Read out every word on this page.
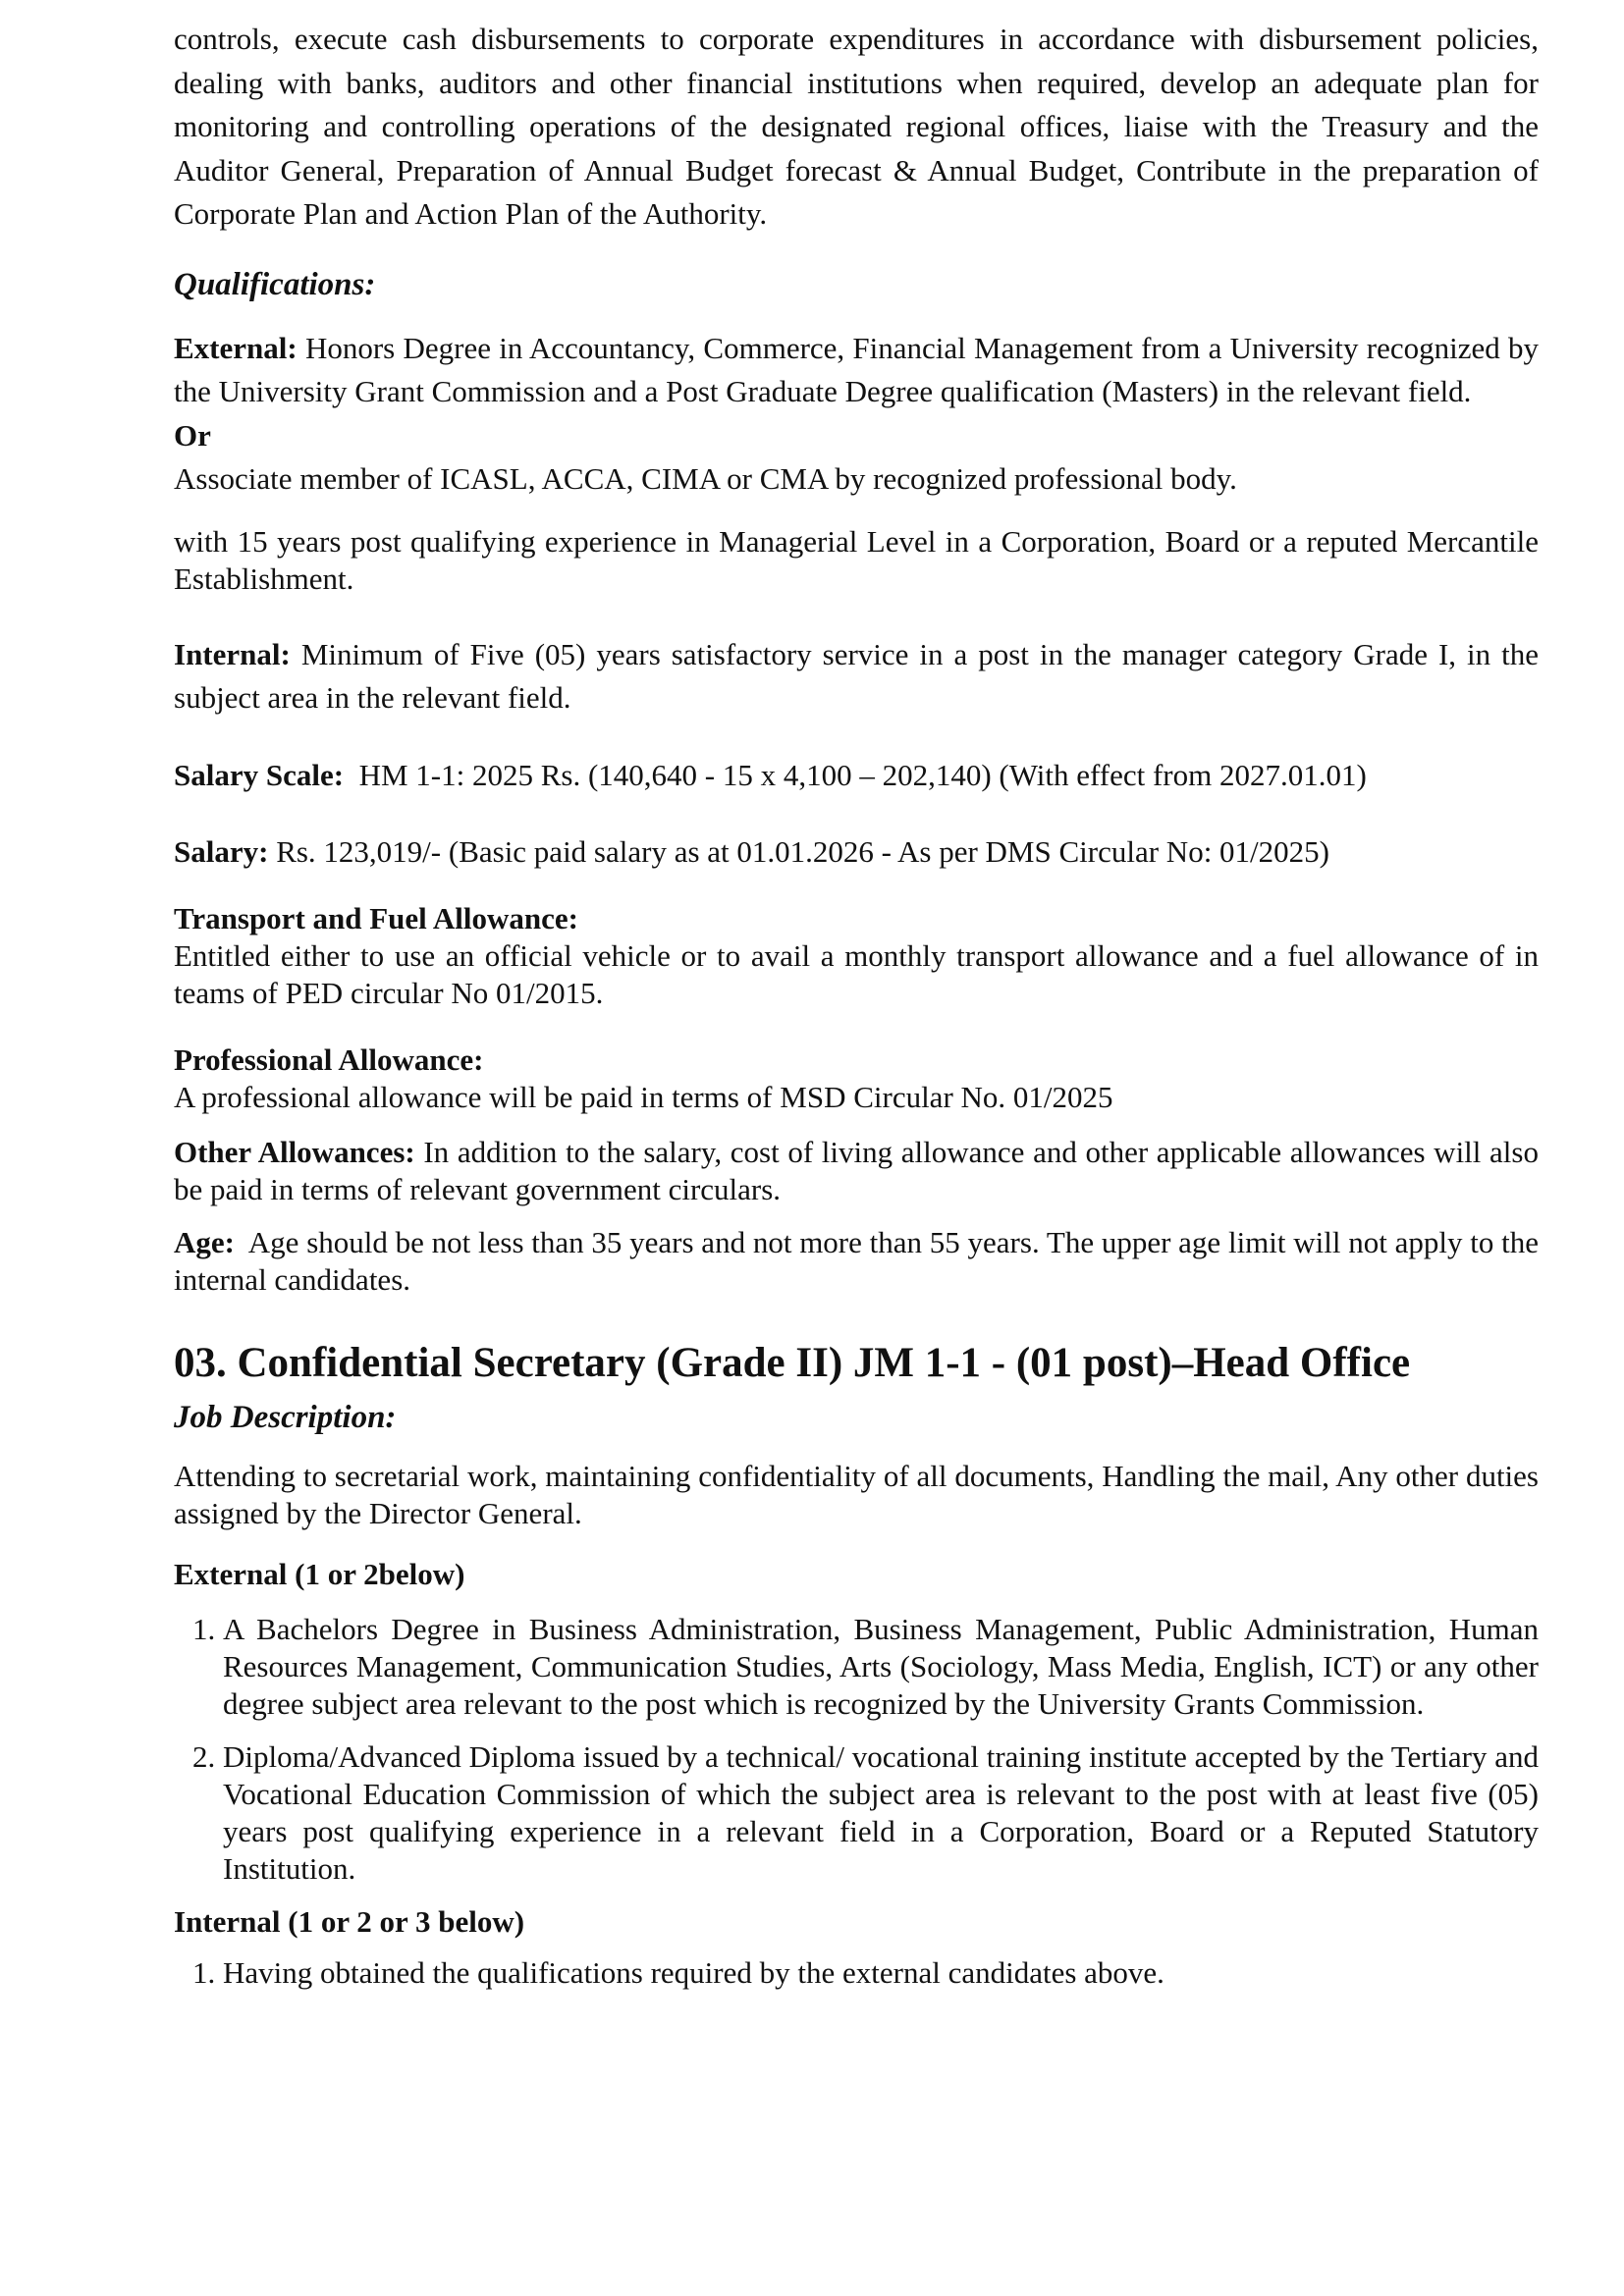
controls, execute cash disbursements to corporate expenditures in accordance with disbursement policies, dealing with banks, auditors and other financial institutions when required, develop an adequate plan for monitoring and controlling operations of the designated regional offices, liaise with the Treasury and the Auditor General, Preparation of Annual Budget forecast & Annual Budget, Contribute in the preparation of Corporate Plan and Action Plan of the Authority.

Qualifications:

External: Honors Degree in Accountancy, Commerce, Financial Management from a University recognized by the University Grant Commission and a Post Graduate Degree qualification (Masters) in the relevant field.

Or

Associate member of ICASL, ACCA, CIMA or CMA by recognized professional body.

with 15 years post qualifying experience in Managerial Level in a Corporation, Board or a reputed Mercantile Establishment.

Internal: Minimum of Five (05) years satisfactory service in a post in the manager category Grade I, in the subject area in the relevant field.

Salary Scale:  HM 1-1: 2025 Rs. (140,640 - 15 x 4,100 – 202,140) (With effect from 2027.01.01)

Salary: Rs. 123,019/- (Basic paid salary as at 01.01.2026 - As per DMS Circular No: 01/2025)

Transport and Fuel Allowance:

Entitled either to use an official vehicle or to avail a monthly transport allowance and a fuel allowance of in teams of PED circular No 01/2015.

Professional Allowance:

A professional allowance will be paid in terms of MSD Circular No. 01/2025

Other Allowances: In addition to the salary, cost of living allowance and other applicable allowances will also be paid in terms of relevant government circulars.

Age:  Age should be not less than 35 years and not more than 55 years. The upper age limit will not apply to the internal candidates.

03. Confidential Secretary (Grade II) JM 1-1 - (01 post)–Head Office

Job Description:

Attending to secretarial work, maintaining confidentiality of all documents, Handling the mail, Any other duties assigned by the Director General.

External (1 or 2below)

1. A Bachelors Degree in Business Administration, Business Management, Public Administration, Human Resources Management, Communication Studies, Arts (Sociology, Mass Media, English, ICT) or any other degree subject area relevant to the post which is recognized by the University Grants Commission.
2. Diploma/Advanced Diploma issued by a technical/ vocational training institute accepted by the Tertiary and Vocational Education Commission of which the subject area is relevant to the post with at least five (05) years post qualifying experience in a relevant field in a Corporation, Board or a Reputed Statutory Institution.

Internal (1 or 2 or 3 below)

1. Having obtained the qualifications required by the external candidates above.
